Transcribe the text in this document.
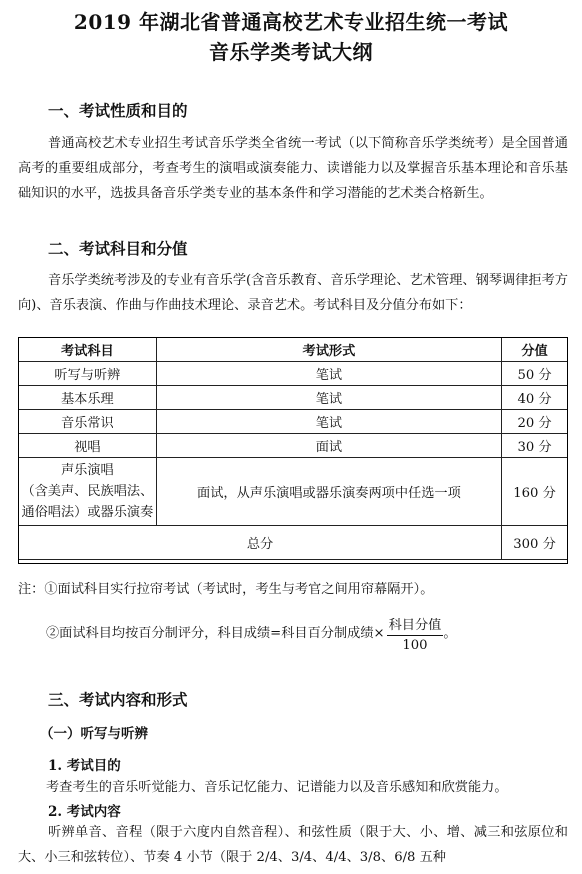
2019 年湖北省普通高校艺术专业招生统一考试
音乐学类考试大纲
一、考试性质和目的
普通高校艺术专业招生考试音乐学类全省统一考试（以下简称音乐学类统考）是全国普通高考的重要组成部分，考查考生的演唱或演奏能力、读谱能力以及掌握音乐基本理论和音乐基础知识的水平，选拔具备音乐学类专业的基本条件和学习潜能的艺术类合格新生。
二、考试科目和分值
音乐学类统考涉及的专业有音乐学(含音乐教育、音乐学理论、艺术管理、钢琴调律拒考方向)、音乐表演、作曲与作曲技术理论、录音艺术。考试科目及分值分布如下：
考试科目	考试形式	分值
听写与听辨	笔试	50 分
基本乐理	笔试	40 分
音乐常识	笔试	20 分
视唱	面试	30 分

声乐演唱
（含美声、民族唱法、
通俗唱法）或器乐演奏	面试，从声乐演唱或器乐演奏两项中任选一项	160 分
总分		300 分
注：①面试科目实行拉帘考试（考试时，考生与考官之间用帘幕隔开）。
②面试科目均按百分制评分，科目成绩=科目百分制成绩× $\frac{\text{科目分值}}{100}$ 。
三、考试内容和形式
（一）听写与听辨
1. 考试目的
考查考生的音乐听觉能力、音乐记忆能力、记谱能力以及音乐感知和欣赏能力。
2. 考试内容
听辨单音、音程（限于六度内自然音程）、和弦性质（限于大、小、增、减三和弦原位和大、小三和弦转位）、节奏 4 小节（限于 2/4、3/4、4/4、3/8、6/8 五种
